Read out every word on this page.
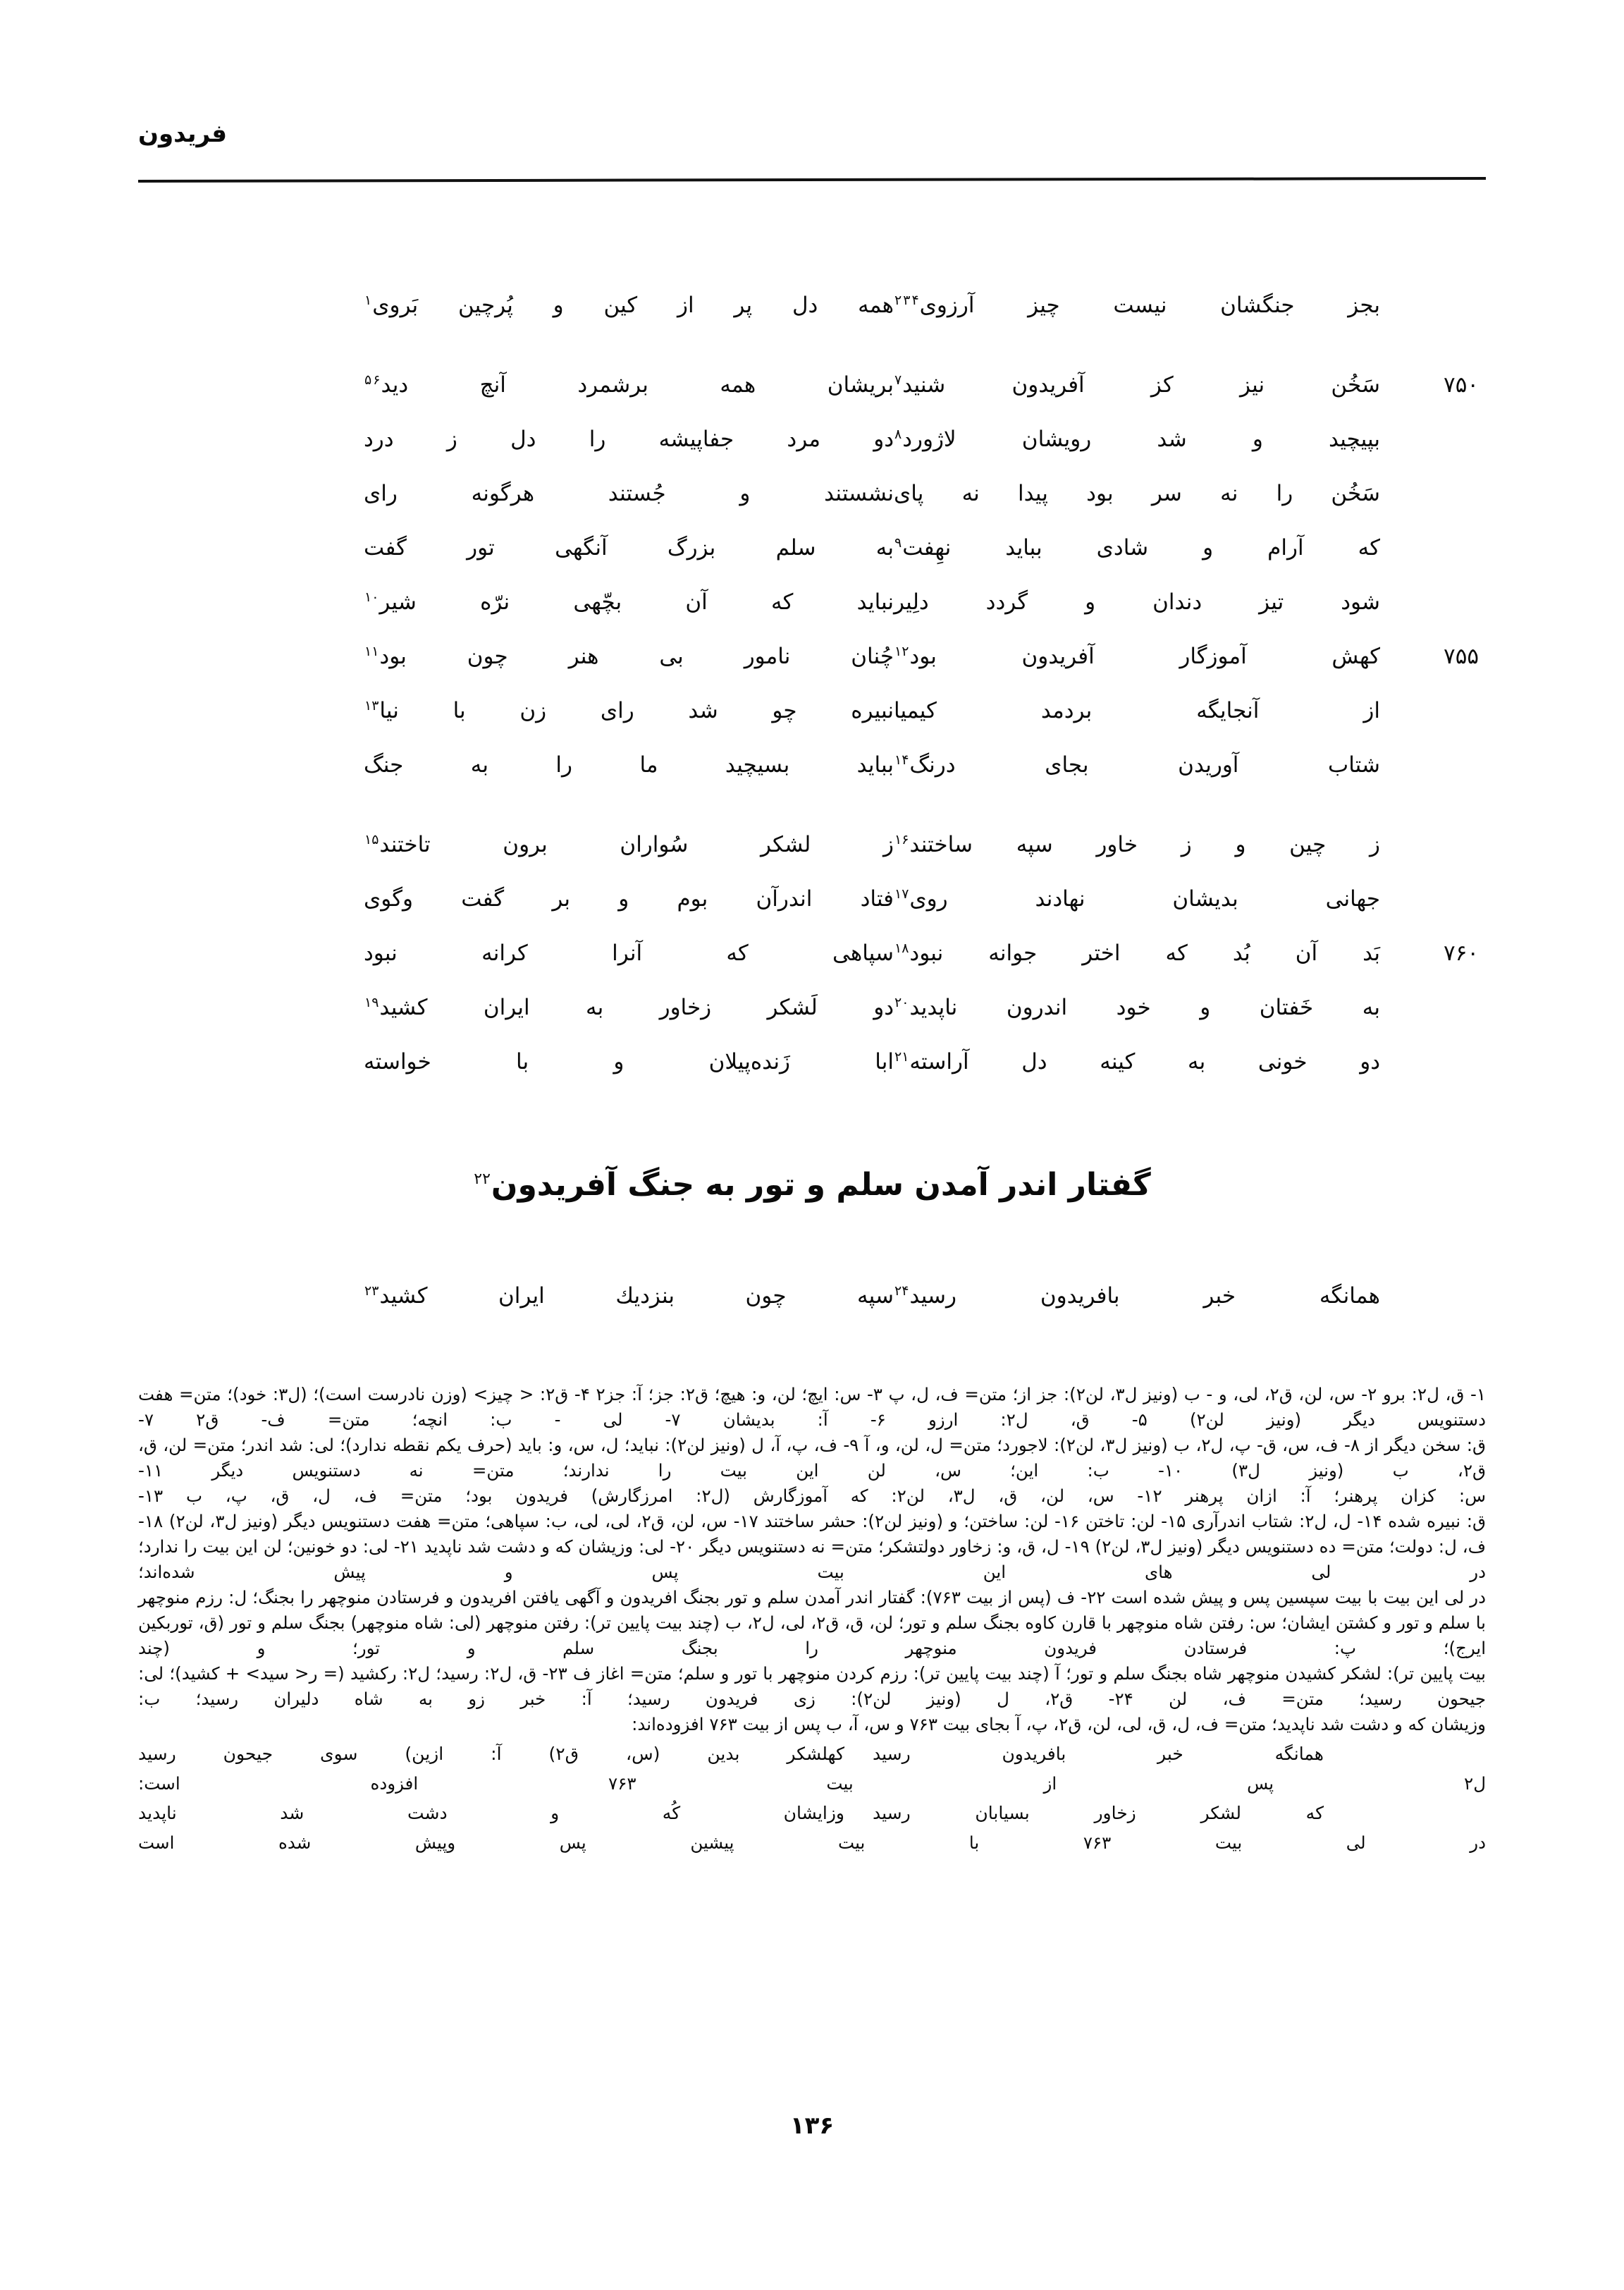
فریدون
بجز جنگشان نیست چیز آرزوی$^۲$ $^۳$ $^۴$
همه دل پر از کین و پُرچین بَروی$^۱$
۷۵۰
سَخُن نیز کز آفریدون شنید$^۷$
بریشان همه برشمرد آنچ دید$^۵$ $^۶$
بپیچید و شد رویشان لاژورد$^۸$
دو مرد جفاپیشه را دل ز درد
سَخُن را نه سر بود پیدا نه پای
نشستند و جُستند هرگونه رای
که آرام و شادی بباید نهِفت$^۹$
به سلم بزرگ آنگهی تور گفت
شود تیز دندان و گردد دلِیر
نباید که آن بچّهی نرّه شیر$^{۱۰}$
۷۵۵
کهش آموزگار آفریدون بود$^{۱۲}$
چُنان نامور بی هنر چون بود$^{۱۱}$
از آنجایگه بردمد کیمیا
نبیره چو شد رای زن با نیا$^{۱۳}$
شتاب آوریدن بجای درنگ$^{۱۴}$
بباید بسیچید ما را به جنگ
ز چین و ز خاور سپه ساختند$^{۱۶}$
ز لشکر سُواران برون تاختند$^{۱۵}$
جهانی بدیشان نهادند روی$^{۱۷}$
فتاد اندرآن بوم و بر گفت وگوی
۷۶۰
بَد آن بُد که اختر جوانه نبود$^{۱۸}$
سپاهی که آنرا کرانه نبود
به خَفتان و خود اندرون ناپدید$^{۲۰}$
دو لَشکر زخاور به ایران کشید$^{۱۹}$
دو خونی به کینه دل آراسته$^{۲۱}$
ابا زَنده‌پیلان و با خواسته
گفتار اندر آمدن سلم و تور به جنگ آفریدون$^{۲۲}$
همانگه خبر بافریدون رسید$^{۲۴}$
سپه چون بنزدیك ایران کشید$^{۲۳}$

۱- ق، ل۲: برو ۲- س، لن، ق۲، لی، و - ب (ونیز ل۳، لن۲): جز از؛ متن= ف، ل، پ ۳- س: ایچ؛ لن، و: هیچ؛ ق۲: جز؛ آ: جز۲ ۴- ق۲: < چیز> (وزن نادرست است)؛ (ل۳: خود)؛ متن= هفت دستنویس دیگر (ونیز لن۲) ۵- ق، ل۲: ارزو ۶- آ: بدیشان ۷- لی - ب: انچه؛ متن= ف- ق۲ ۷-

ق: سخن دیگر از ۸- ف، س، ق- پ، ل۲، ب (ونیز ل۳، لن۲): لاجورد؛ متن= ل، لن، و، آ ۹- ف، پ، آ، ل (ونیز لن۲): نباید؛ ل، س، و: باید (حرف یکم نقطه ندارد)؛ لی: شد اندر؛ متن= لن، ق، ق۲، ب (ونیز ل۳) ۱۰- ب: این؛ س، لن این بیت را ندارند؛ متن= نه دستنویس دیگر ۱۱-

س: کزان پرهنر؛ آ: ازان پرهنر ۱۲- س، لن، ق، ل۳، لن۲: که آموزگارش (ل۲: امرزگارش) فریدون بود؛ متن= ف، ل، ق، پ، ب ۱۳-

ق: نبیره شده ۱۴- ل، ل۲: شتاب اندرآری ۱۵- لن: تاختن ۱۶- لن: ساختن؛ و (ونیز لن۲): حشر ساختند ۱۷- س، لن، ق۲، لی، لی، ب: سپاهی؛ متن= هفت دستنویس دیگر (ونیز ل۳، لن۲) ۱۸- ف، ل: دولت؛ متن= ده دستنویس دیگر (ونیز ل۳، لن۲) ۱۹- ل، ق، و: زخاور دولتشکر؛ متن= نه دستنویس دیگر ۲۰- لی: وزیشان که و دشت شد ناپدید ۲۱- لی: دو خونین؛ لن این بیت را ندارد؛ در لی های این بیت پس و پیش شده‌اند؛

در لی این بیت با بیت سپسین پس و پیش شده است ۲۲- ف (پس از بیت ۷۶۳): گفتار اندر آمدن سلم و تور بجنگ افریدون و آگهی یافتن افریدون و فرستادن منوچهر را بجنگ؛ ل: رزم منوچهر با سلم و تور و کشتن ایشان؛ س: رفتن شاه منوچهر با قارن کاوه بجنگ سلم و تور؛ لن، ق، ق۲، لی، ل۲، ب (چند بیت پایین تر): رفتن منوچهر (لی: شاه منوچهر) بجنگ سلم و تور (ق، توربکین ایرج)؛ پ: فرستادن فریدون منوچهر را بجنگ سلم و تور؛ و (چند

بیت پایین تر): لشکر کشیدن منوچهر شاه بجنگ سلم و تور؛ آ (چند بیت پایین تر): رزم کردن منوچهر با تور و سلم؛ متن= اغاز ف ۲۳- ق، ل۲: رسید؛ ل۲: رکشید (= ر< سید> + کشید)؛ لی: جیحون رسید؛ متن= ف، لن ۲۴- ق۲، ل (ونیز لن۲): زی فریدون رسید؛ آ: خبر زو به شاه دلیران رسید؛ ب:

وزیشان که و دشت شد ناپدید؛ متن= ف، ل، ق، لی، لن، ق۲، پ، آ بجای بیت ۷۶۳ و س، آ، ب پس از بیت ۷۶۳ افزوده‌اند:

همانگه خبر بافریدون رسید
کهلشکر بدین (س، ق۲) آ: ازین) سوی جیحون رسید
ل۲ پس از بیت ۷۶۳ افزوده است:
که لشکر زخاور بسیابان رسید
وزایشان کُه و دشت شد ناپدید
در لی بیت ۷۶۳ با بیت پیشین پس وپیش شده است
۱۳۶
